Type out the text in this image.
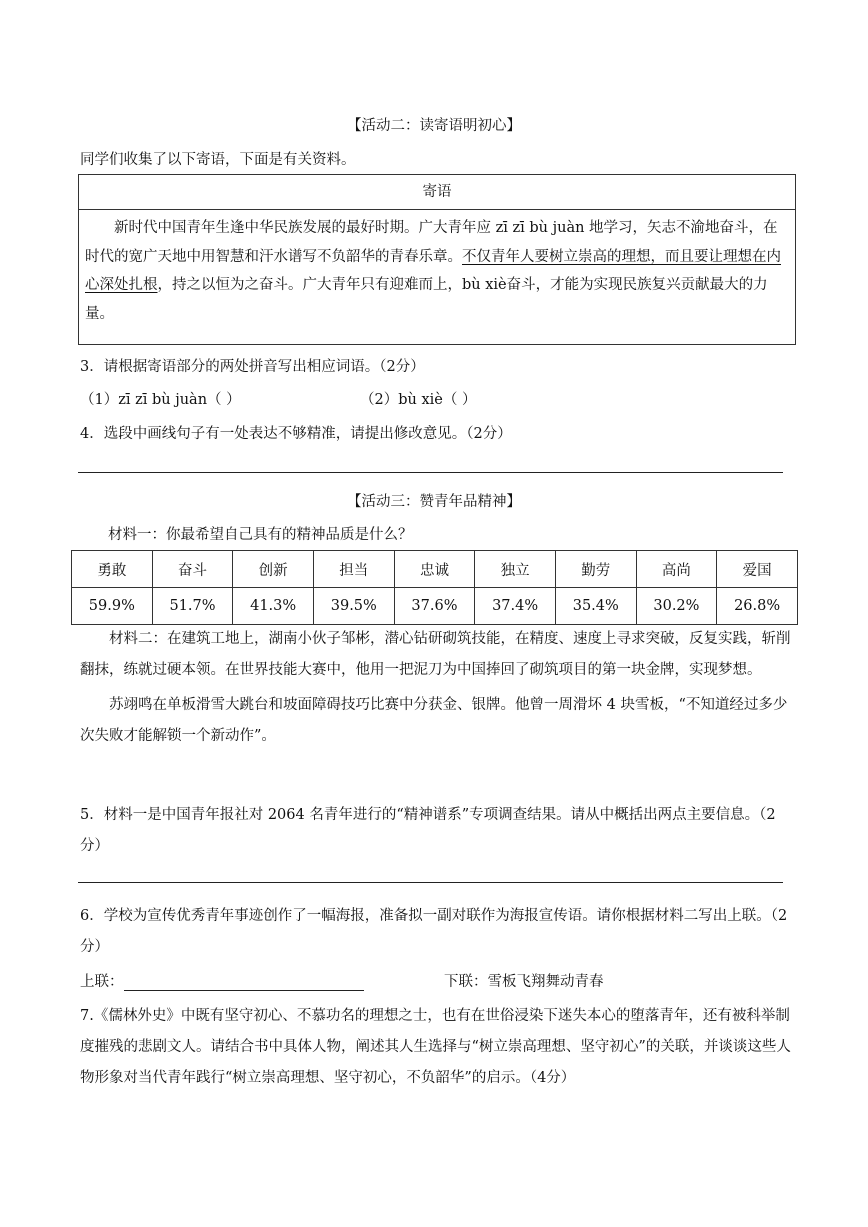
【活动二：读寄语明初心】
同学们收集了以下寄语，下面是有关资料。
寄语
新时代中国青年生逢中华民族发展的最好时期。广大青年应 zī zī bù juàn 地学习，矢志不渝地奋斗，在时代的宽广天地中用智慧和汗水谱写不负韶华的青春乐章。不仅青年人要树立崇高的理想，而且要让理想在内心深处扎根，持之以恒为之奋斗。广大青年只有迎难而上，bù xiè奋斗，才能为实现民族复兴贡献最大的力量。
3．请根据寄语部分的两处拼音写出相应词语。（2分）
（1）zī zī bù juàn（ ）	（2）bù xiè（ ）
4．选段中画线句子有一处表达不够精准，请提出修改意见。（2分）
【活动三：赞青年品精神】
材料一：你最希望自己具有的精神品质是什么？
勇敢	奋斗	创新	担当	忠诚	独立	勤劳	高尚	爱国
59.9%	51.7%	41.3%	39.5%	37.6%	37.4%	35.4%	30.2%	26.8%
材料二：在建筑工地上，湖南小伙子邹彬，潜心钻研砌筑技能，在精度、速度上寻求突破，反复实践，斩削翻抹，练就过硬本领。在世界技能大赛中，他用一把泥刀为中国捧回了砌筑项目的第一块金牌，实现梦想。
苏翊鸣在单板滑雪大跳台和坡面障碍技巧比赛中分获金、银牌。他曾一周滑坏 4 块雪板，“不知道经过多少次失败才能解锁一个新动作”。
5．材料一是中国青年报社对 2064 名青年进行的“精神谱系”专项调查结果。请从中概括出两点主要信息。（2分）
6．学校为宣传优秀青年事迹创作了一幅海报，准备拟一副对联作为海报宣传语。请你根据材料二写出上联。（2分）
上联：	下联：雪板飞翔舞动青春
7.《儒林外史》中既有坚守初心、不慕功名的理想之士，也有在世俗浸染下迷失本心的堕落青年，还有被科举制度摧残的悲剧文人。请结合书中具体人物，阐述其人生选择与“树立崇高理想、坚守初心”的关联，并谈谈这些人物形象对当代青年践行“树立崇高理想、坚守初心，不负韶华”的启示。（4分）
